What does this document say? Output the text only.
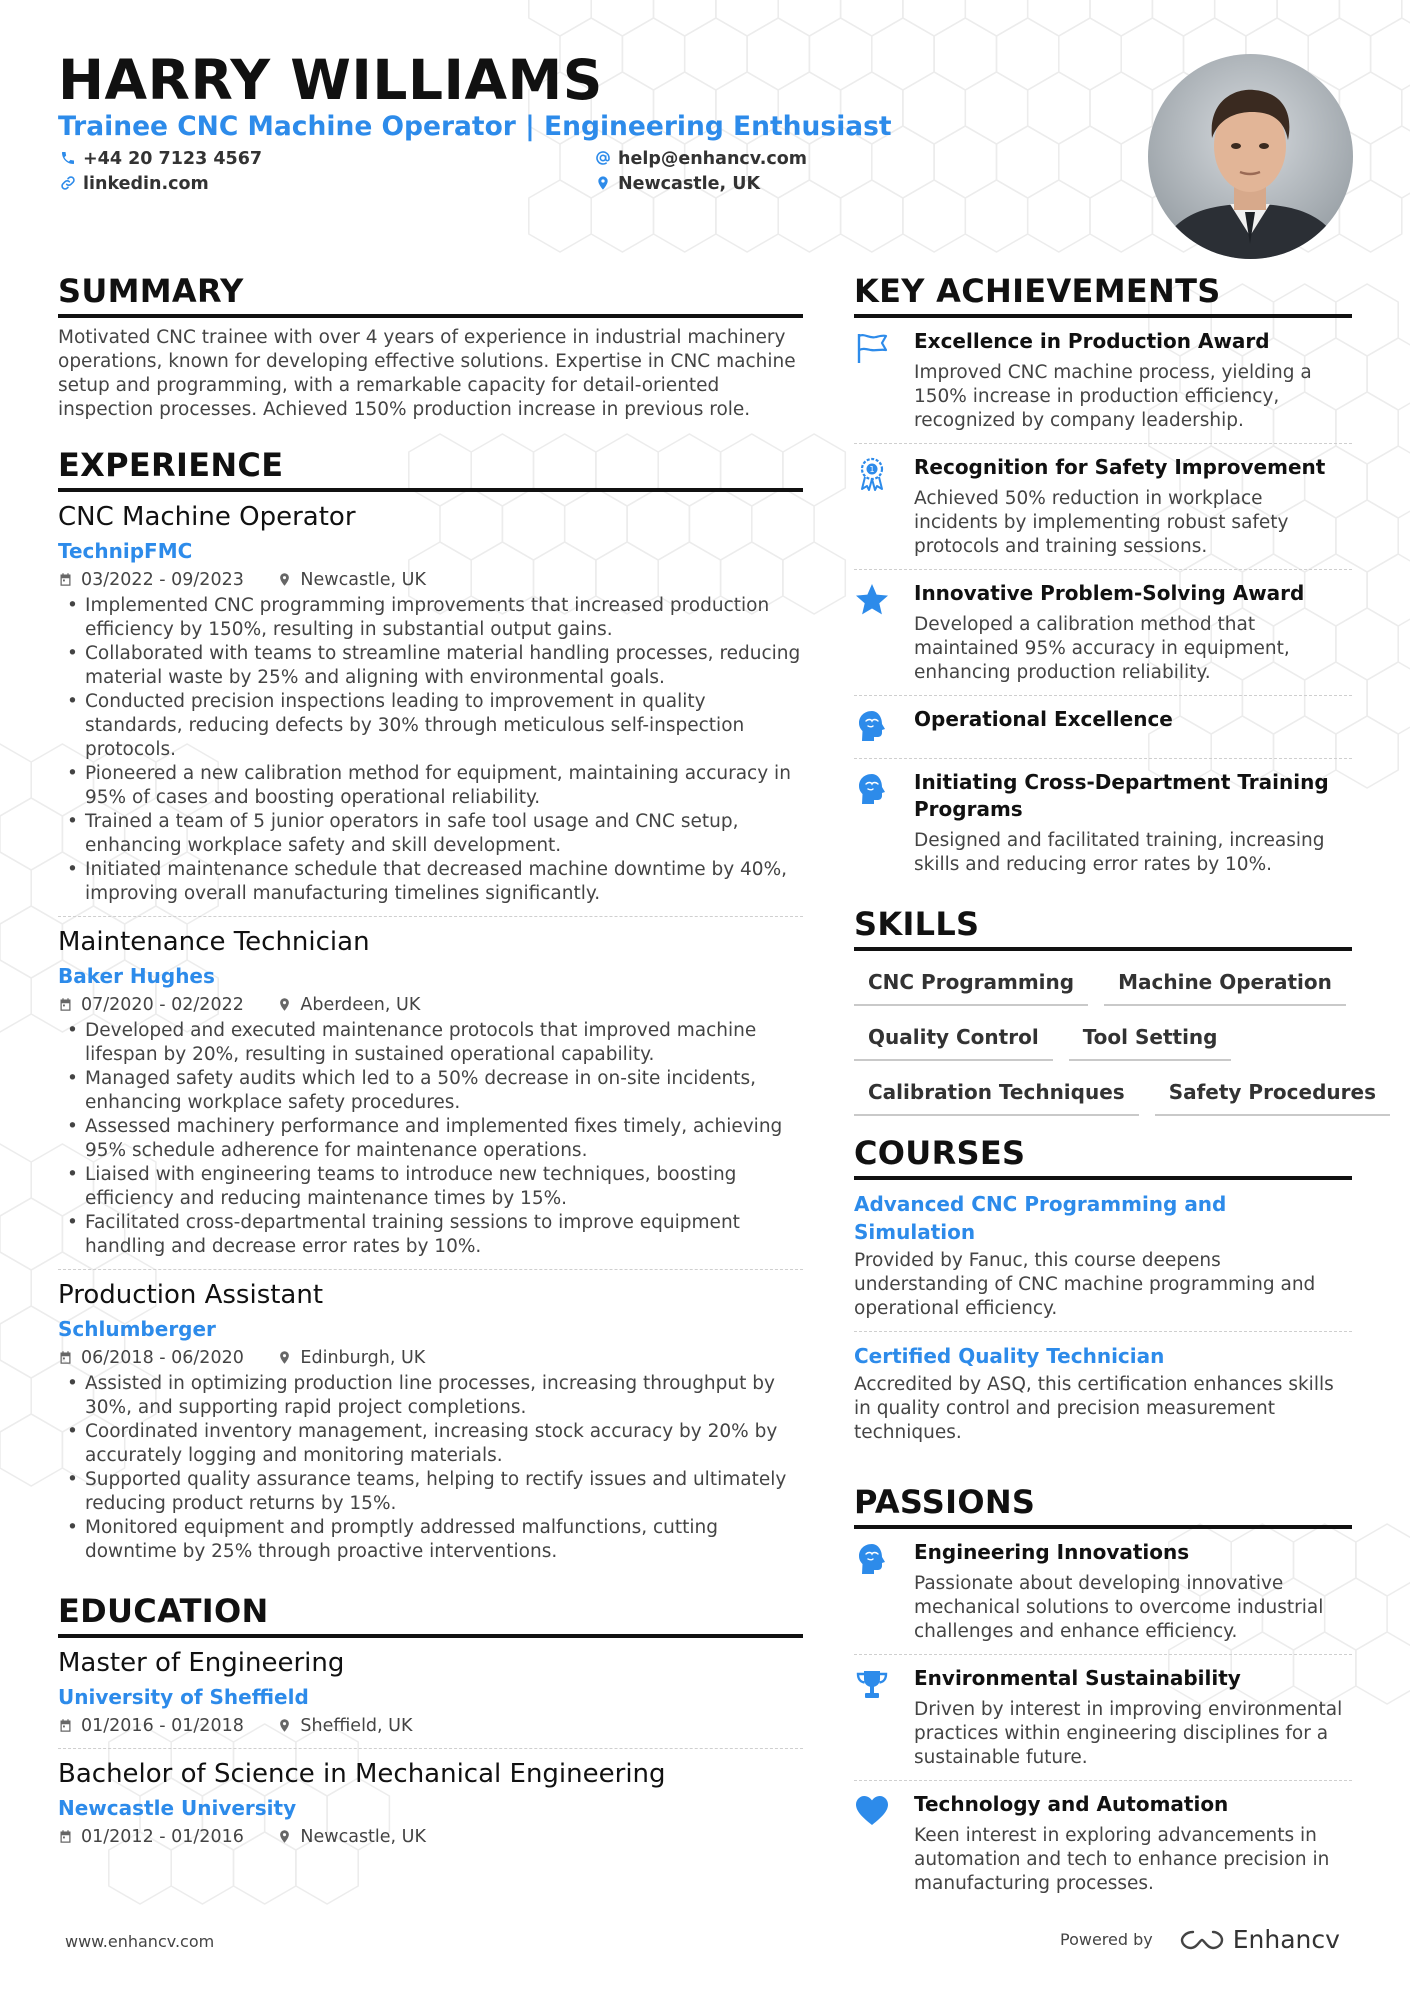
HARRY WILLIAMS
Trainee CNC Machine Operator | Engineering Enthusiast
+44 20 7123 4567	help@enhancv.com
linkedin.com	Newcastle, UK
SUMMARY

Motivated CNC trainee with over 4 years of experience in industrial machinery operations, known for developing effective solutions. Expertise in CNC machine setup and programming, with a remarkable capacity for detail-oriented inspection processes. Achieved 150% production increase in previous role.

EXPERIENCE
CNC Machine Operator
TechnipFMC
03/2022 - 09/2023	Newcastle, UK
• Implemented CNC programming improvements that increased production efficiency by 150%, resulting in substantial output gains.
• Collaborated with teams to streamline material handling processes, reducing material waste by 25% and aligning with environmental goals.
• Conducted precision inspections leading to improvement in quality standards, reducing defects by 30% through meticulous self-inspection protocols.
• Pioneered a new calibration method for equipment, maintaining accuracy in 95% of cases and boosting operational reliability.
• Trained a team of 5 junior operators in safe tool usage and CNC setup, enhancing workplace safety and skill development.
• Initiated maintenance schedule that decreased machine downtime by 40%, improving overall manufacturing timelines significantly.
Maintenance Technician
Baker Hughes
07/2020 - 02/2022	Aberdeen, UK
• Developed and executed maintenance protocols that improved machine lifespan by 20%, resulting in sustained operational capability.
• Managed safety audits which led to a 50% decrease in on-site incidents, enhancing workplace safety procedures.
• Assessed machinery performance and implemented fixes timely, achieving 95% schedule adherence for maintenance operations.
• Liaised with engineering teams to introduce new techniques, boosting efficiency and reducing maintenance times by 15%.
• Facilitated cross-departmental training sessions to improve equipment handling and decrease error rates by 10%.
Production Assistant
Schlumberger
06/2018 - 06/2020	Edinburgh, UK
• Assisted in optimizing production line processes, increasing throughput by 30%, and supporting rapid project completions.
• Coordinated inventory management, increasing stock accuracy by 20% by accurately logging and monitoring materials.
• Supported quality assurance teams, helping to rectify issues and ultimately reducing product returns by 15%.
• Monitored equipment and promptly addressed malfunctions, cutting downtime by 25% through proactive interventions.
EDUCATION
Master of Engineering
University of Sheffield
01/2016 - 01/2018	Sheffield, UK
Bachelor of Science in Mechanical Engineering
Newcastle University
01/2012 - 01/2016	Newcastle, UK
KEY ACHIEVEMENTS
Excellence in Production Award
Improved CNC machine process, yielding a 150% increase in production efficiency, recognized by company leadership.
1 Recognition for Safety Improvement
Achieved 50% reduction in workplace incidents by implementing robust safety protocols and training sessions.
Innovative Problem-Solving Award
Developed a calibration method that maintained 95% accuracy in equipment, enhancing production reliability.
Operational Excellence
Initiating Cross-Department Training Programs
Designed and facilitated training, increasing skills and reducing error rates by 10%.
SKILLS
CNC Programming	Machine Operation
Quality Control	Tool Setting
Calibration Techniques	Safety Procedures
COURSES
Advanced CNC Programming and Simulation
Provided by Fanuc, this course deepens understanding of CNC machine programming and operational efficiency.
Certified Quality Technician
Accredited by ASQ, this certification enhances skills in quality control and precision measurement techniques.
PASSIONS
Engineering Innovations
Passionate about developing innovative mechanical solutions to overcome industrial challenges and enhance efficiency.
Environmental Sustainability
Driven by interest in improving environmental practices within engineering disciplines for a sustainable future.
Technology and Automation
Keen interest in exploring advancements in automation and tech to enhance precision in manufacturing processes.
www.enhancv.com	Powered by	Enhancv
